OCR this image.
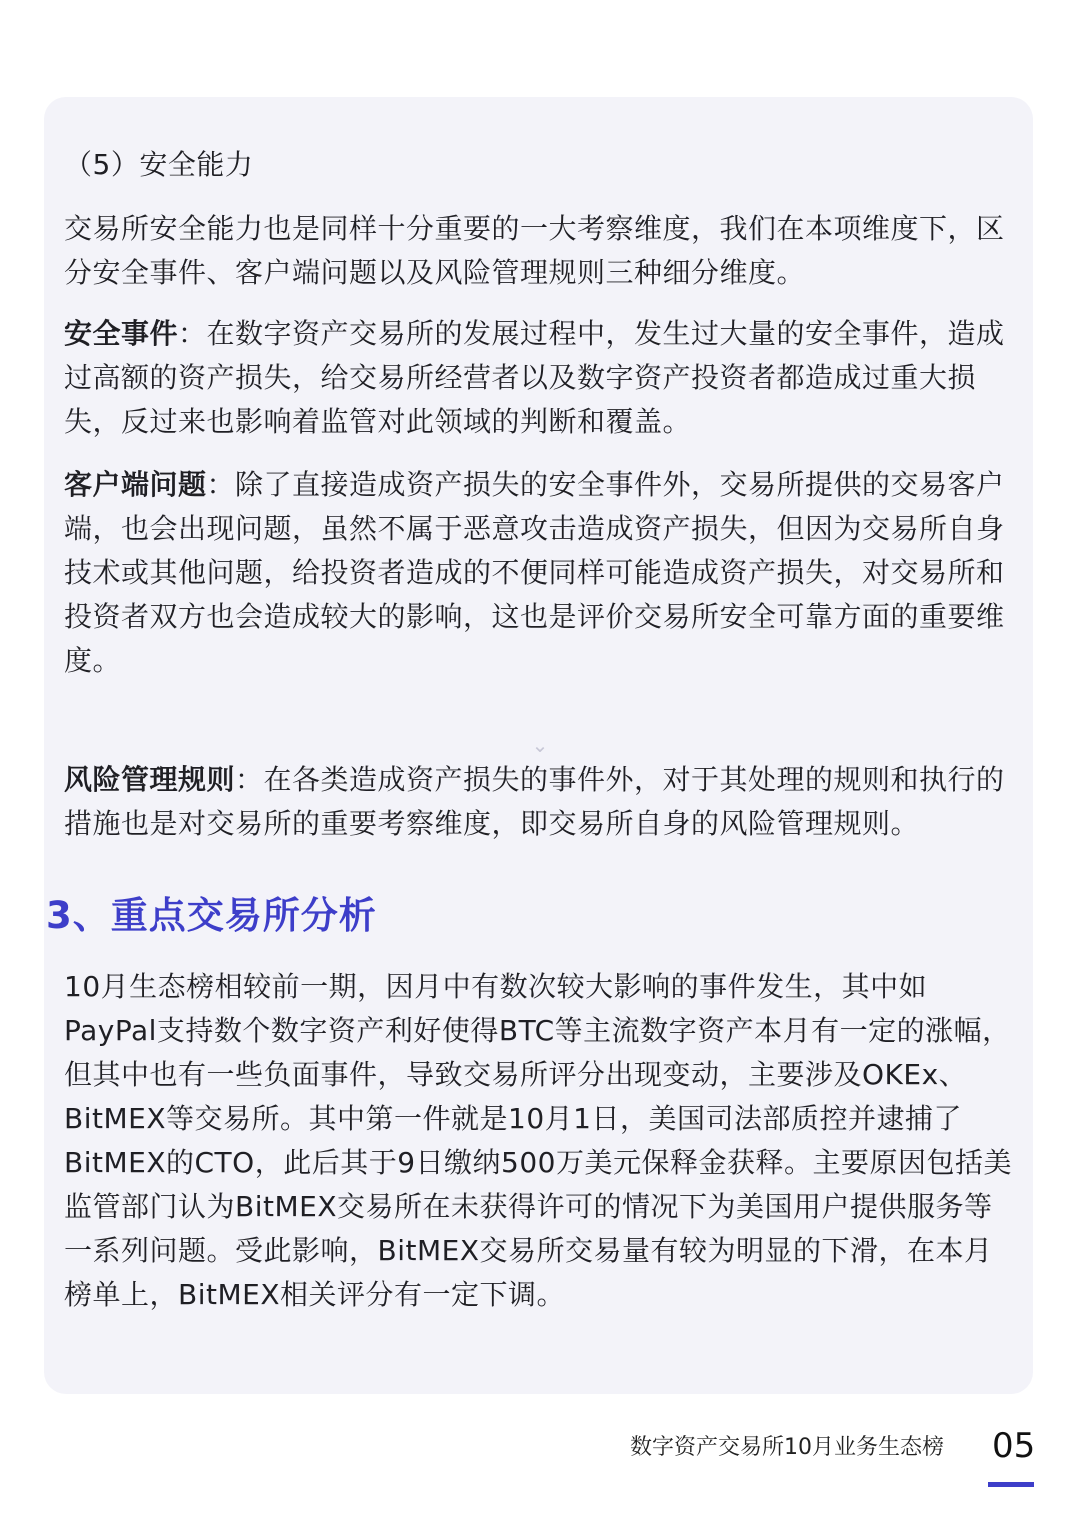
（5）安全能力

交易所安全能力也是同样十分重要的一大考察维度，我们在本项维度下，区分安全事件、客户端问题以及风险管理规则三种细分维度。

安全事件：在数字资产交易所的发展过程中，发生过大量的安全事件，造成过高额的资产损失，给交易所经营者以及数字资产投资者都造成过重大损失，反过来也影响着监管对此领域的判断和覆盖。

客户端问题：除了直接造成资产损失的安全事件外，交易所提供的交易客户端，也会出现问题，虽然不属于恶意攻击造成资产损失，但因为交易所自身技术或其他问题，给投资者造成的不便同样可能造成资产损失，对交易所和投资者双方也会造成较大的影响，这也是评价交易所安全可靠方面的重要维度。

⌄

风险管理规则：在各类造成资产损失的事件外，对于其处理的规则和执行的措施也是对交易所的重要考察维度，即交易所自身的风险管理规则。

3、重点交易所分析

10月生态榜相较前一期，因月中有数次较大影响的事件发生，其中如PayPal支持数个数字资产利好使得BTC等主流数字资产本月有一定的涨幅，但其中也有一些负面事件，导致交易所评分出现变动，主要涉及OKEx、BitMEX等交易所。其中第一件就是10月1日，美国司法部质控并逮捕了BitMEX的CTO，此后其于9日缴纳500万美元保释金获释。主要原因包括美监管部门认为BitMEX交易所在未获得许可的情况下为美国用户提供服务等一系列问题。受此影响，BitMEX交易所交易量有较为明显的下滑，在本月榜单上，BitMEX相关评分有一定下调。

数字资产交易所10月业务生态榜 05
